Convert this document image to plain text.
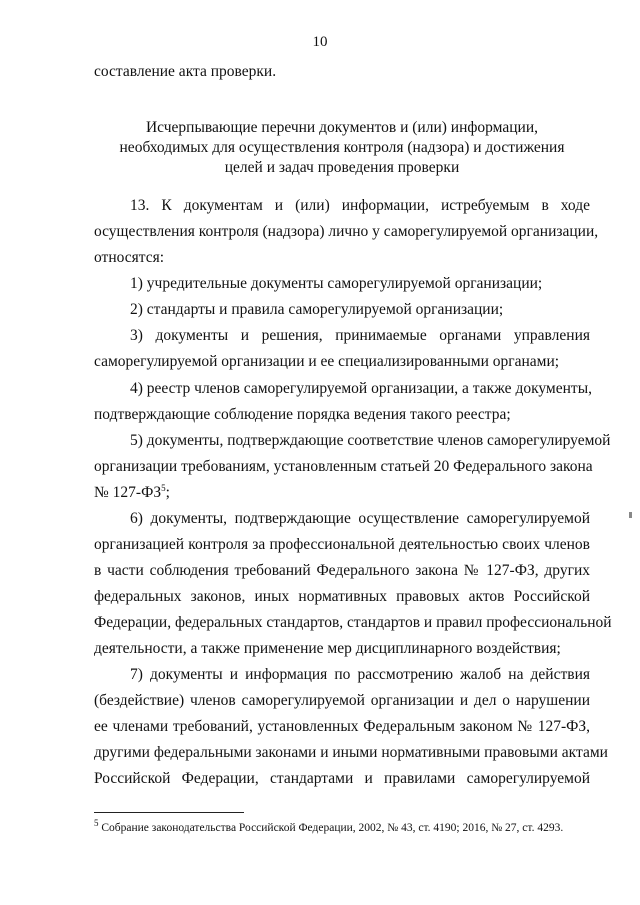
10
составление акта проверки.
Исчерпывающие перечни документов и (или) информации,
необходимых для осуществления контроля (надзора) и достижения
целей и задач проведения проверки
13. К документам и (или) информации, истребуемым в ходе
осуществления контроля (надзора) лично у саморегулируемой организации,
относятся:
1) учредительные документы саморегулируемой организации;
2) стандарты и правила саморегулируемой организации;
3) документы и решения, принимаемые органами управления
саморегулируемой организации и ее специализированными органами;
4) реестр членов саморегулируемой организации, а также документы,
подтверждающие соблюдение порядка ведения такого реестра;
5) документы, подтверждающие соответствие членов саморегулируемой
организации требованиям, установленным статьей 20 Федерального закона
№ $127-ФЗ^5$;
6) документы, подтверждающие осуществление саморегулируемой
организацией контроля за профессиональной деятельностью своих членов
в части соблюдения требований Федерального закона № 127-ФЗ, других
федеральных законов, иных нормативных правовых актов Российской
Федерации, федеральных стандартов, стандартов и правил профессиональной
деятельности, а также применение мер дисциплинарного воздействия;
7) документы и информация по рассмотрению жалоб на действия
(бездействие) членов саморегулируемой организации и дел о нарушении
ее членами требований, установленных Федеральным законом № 127-ФЗ,
другими федеральными законами и иными нормативными правовыми актами
Российской Федерации, стандартами и правилами саморегулируемой
$^5$ Собрание законодательства Российской Федерации, 2002, № 43, ст. 4190; 2016, № 27, ст. 4293.
